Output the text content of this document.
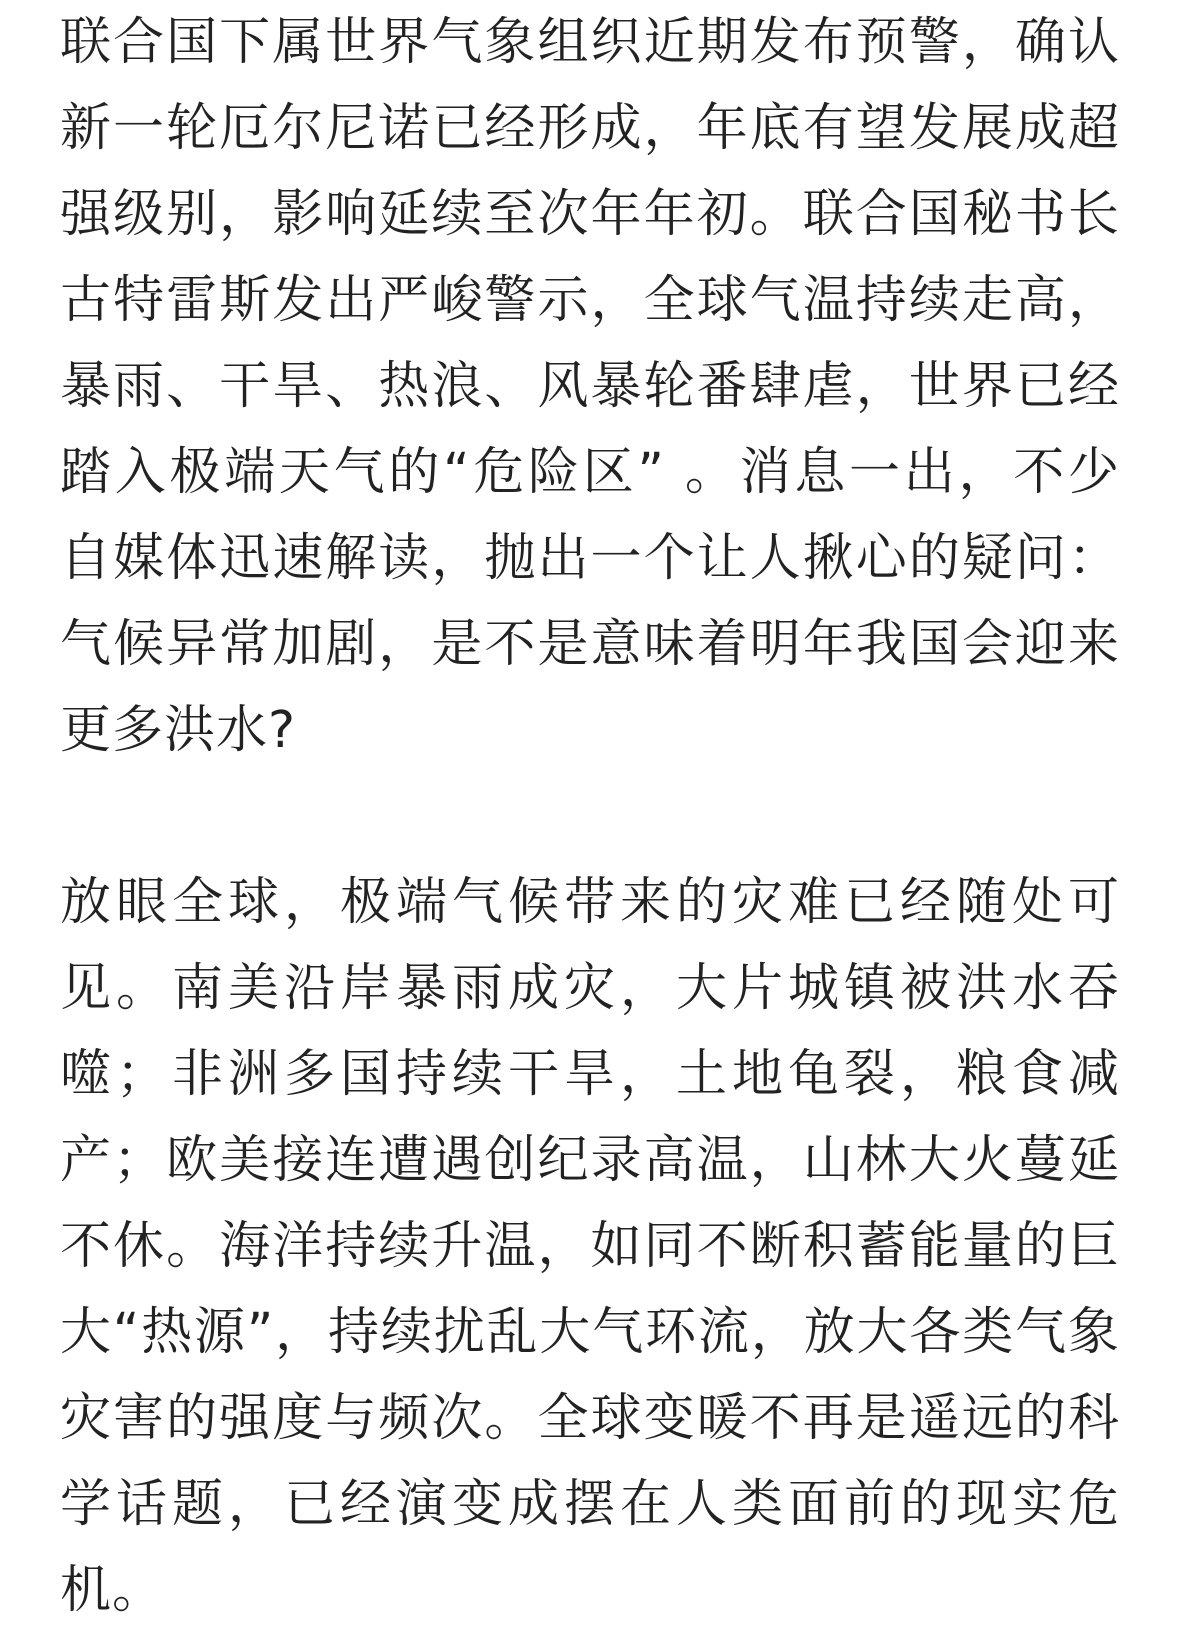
联合国下属世界气象组织近期发布预警，确认新一轮厄尔尼诺已经形成，年底有望发展成超强级别，影响延续至次年年初。联合国秘书长古特雷斯发出严峻警示，全球气温持续走高，暴雨、干旱、热浪、风暴轮番肆虐，世界已经踏入极端天气的“危险区” 。消息一出，不少自媒体迅速解读，抛出一个让人揪心的疑问：气候异常加剧，是不是意味着明年我国会迎来更多洪水?

放眼全球，极端气候带来的灾难已经随处可见。南美沿岸暴雨成灾，大片城镇被洪水吞噬；非洲多国持续干旱，土地龟裂，粮食减产；欧美接连遭遇创纪录高温，山林大火蔓延不休。海洋持续升温，如同不断积蓄能量的巨大“热源”，持续扰乱大气环流，放大各类气象灾害的强度与频次。全球变暖不再是遥远的科学话题，已经演变成摆在人类面前的现实危机。
